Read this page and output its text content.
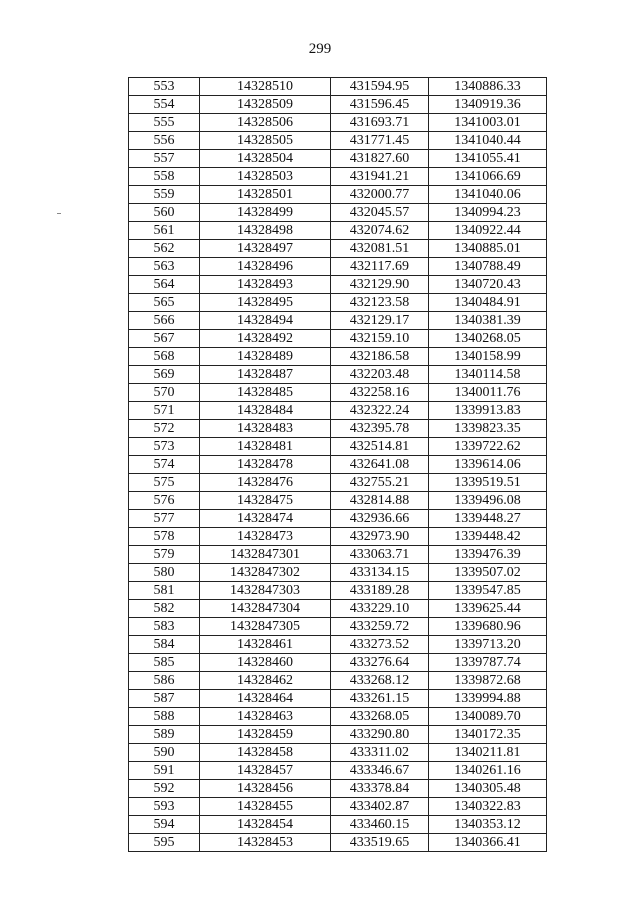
299
553	14328510	431594.95	1340886.33
554	14328509	431596.45	1340919.36
555	14328506	431693.71	1341003.01
556	14328505	431771.45	1341040.44
557	14328504	431827.60	1341055.41
558	14328503	431941.21	1341066.69
559	14328501	432000.77	1341040.06
560	14328499	432045.57	1340994.23
561	14328498	432074.62	1340922.44
562	14328497	432081.51	1340885.01
563	14328496	432117.69	1340788.49
564	14328493	432129.90	1340720.43
565	14328495	432123.58	1340484.91
566	14328494	432129.17	1340381.39
567	14328492	432159.10	1340268.05
568	14328489	432186.58	1340158.99
569	14328487	432203.48	1340114.58
570	14328485	432258.16	1340011.76
571	14328484	432322.24	1339913.83
572	14328483	432395.78	1339823.35
573	14328481	432514.81	1339722.62
574	14328478	432641.08	1339614.06
575	14328476	432755.21	1339519.51
576	14328475	432814.88	1339496.08
577	14328474	432936.66	1339448.27
578	14328473	432973.90	1339448.42
579	1432847301	433063.71	1339476.39
580	1432847302	433134.15	1339507.02
581	1432847303	433189.28	1339547.85
582	1432847304	433229.10	1339625.44
583	1432847305	433259.72	1339680.96
584	14328461	433273.52	1339713.20
585	14328460	433276.64	1339787.74
586	14328462	433268.12	1339872.68
587	14328464	433261.15	1339994.88
588	14328463	433268.05	1340089.70
589	14328459	433290.80	1340172.35
590	14328458	433311.02	1340211.81
591	14328457	433346.67	1340261.16
592	14328456	433378.84	1340305.48
593	14328455	433402.87	1340322.83
594	14328454	433460.15	1340353.12
595	14328453	433519.65	1340366.41
